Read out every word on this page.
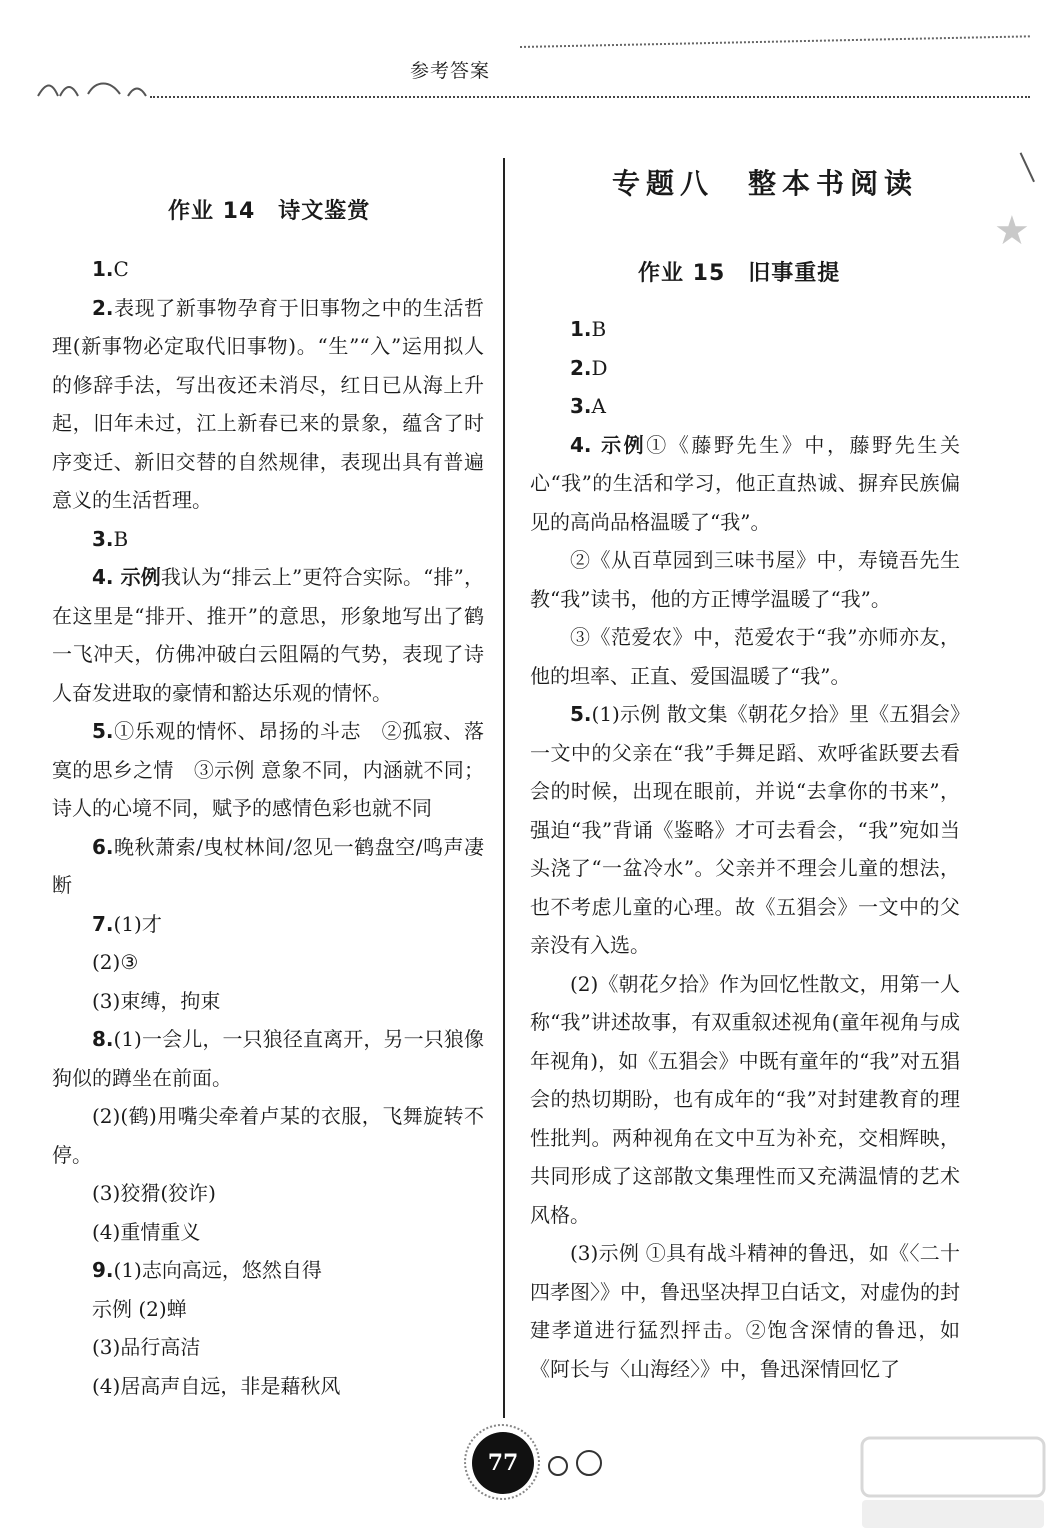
参考答案
★
作业 14　诗文鉴赏

1.C

2.表现了新事物孕育于旧事物之中的生活哲理(新事物必定取代旧事物)。“生”“入”运用拟人的修辞手法，写出夜还未消尽，红日已从海上升起，旧年未过，江上新春已来的景象，蕴含了时序变迁、新旧交替的自然规律，表现出具有普遍意义的生活哲理。

3.B

4. 示例我认为“排云上”更符合实际。“排”，在这里是“排开、推开”的意思，形象地写出了鹤一飞冲天，仿佛冲破白云阻隔的气势，表现了诗人奋发进取的豪情和豁达乐观的情怀。

5.①乐观的情怀、昂扬的斗志　②孤寂、落寞的思乡之情　③示例 意象不同，内涵就不同；诗人的心境不同，赋予的感情色彩也就不同

6.晚秋萧索/曳杖林间/忽见一鹤盘空/鸣声凄断

7.(1)才

(2)③

(3)束缚，拘束

8.(1)一会儿，一只狼径直离开，另一只狼像狗似的蹲坐在前面。

(2)(鹤)用嘴尖牵着卢某的衣服，飞舞旋转不停。

(3)狡猾(狡诈)

(4)重情重义

9.(1)志向高远，悠然自得

示例 (2)蝉

(3)品行高洁

(4)居高声自远，非是藉秋风

专题八　整本书阅读
作业 15　旧事重提

1.B

2.D

3.A

4. 示例①《藤野先生》中，藤野先生关心“我”的生活和学习，他正直热诚、摒弃民族偏见的高尚品格温暖了“我”。

②《从百草园到三味书屋》中，寿镜吾先生教“我”读书，他的方正博学温暖了“我”。

③《范爱农》中，范爱农于“我”亦师亦友，他的坦率、正直、爱国温暖了“我”。

5.(1)示例 散文集《朝花夕拾》里《五猖会》一文中的父亲在“我”手舞足蹈、欢呼雀跃要去看会的时候，出现在眼前，并说“去拿你的书来”，强迫“我”背诵《鉴略》才可去看会，“我”宛如当头浇了“一盆冷水”。父亲并不理会儿童的想法，也不考虑儿童的心理。故《五猖会》一文中的父亲没有入选。

(2)《朝花夕拾》作为回忆性散文，用第一人称“我”讲述故事，有双重叙述视角(童年视角与成年视角)，如《五猖会》中既有童年的“我”对五猖会的热切期盼，也有成年的“我”对封建教育的理性批判。两种视角在文中互为补充，交相辉映，共同形成了这部散文集理性而又充满温情的艺术风格。

(3)示例 ①具有战斗精神的鲁迅，如《〈二十四孝图〉》中，鲁迅坚决捍卫白话文，对虚伪的封建孝道进行猛烈抨击。②饱含深情的鲁迅，如《阿长与〈山海经〉》中，鲁迅深情回忆了

77
